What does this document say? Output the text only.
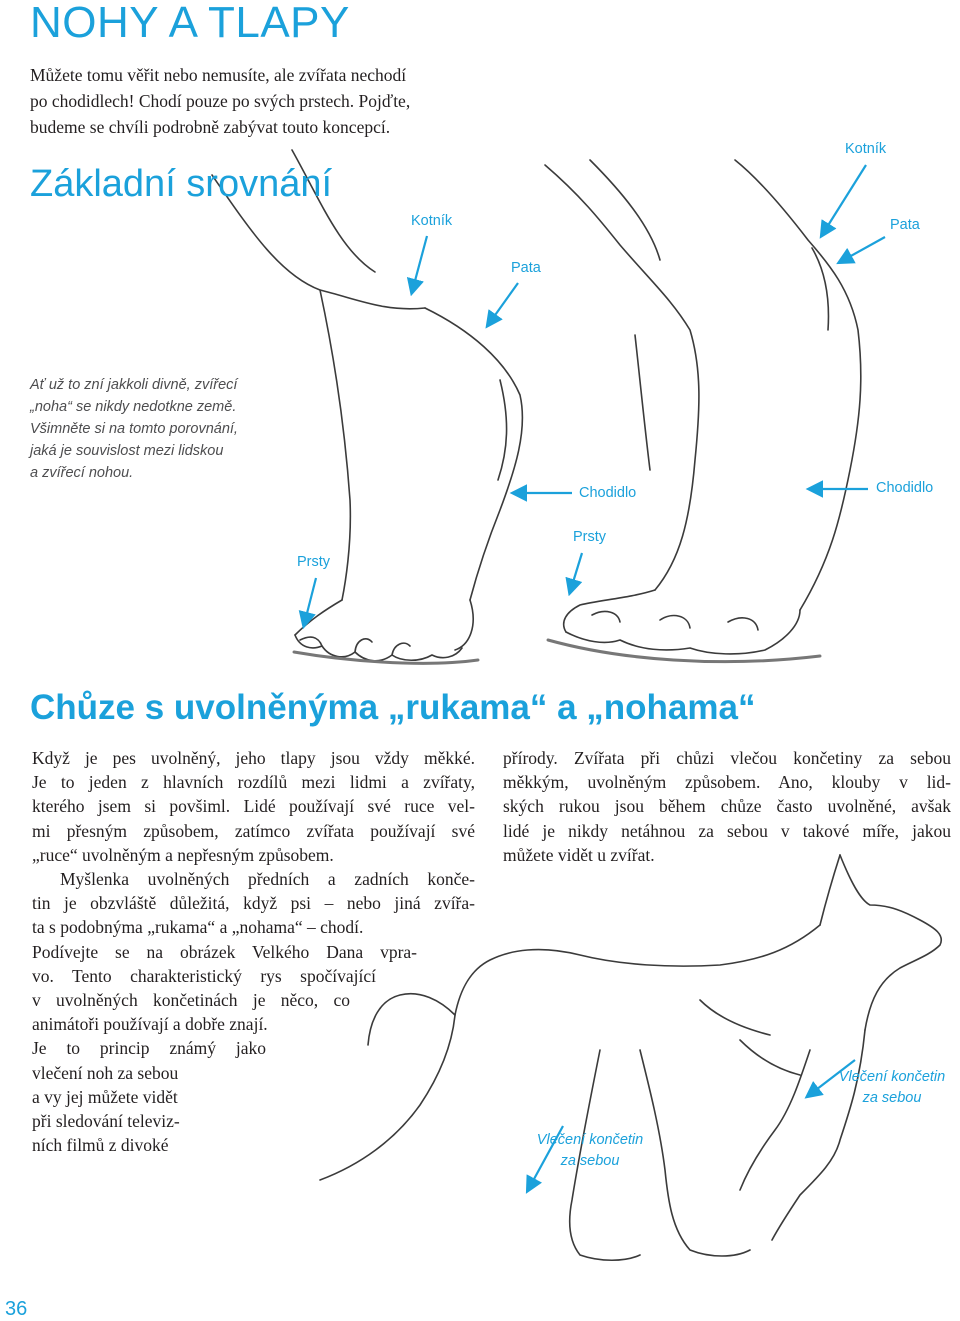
NOHY A TLAPY
Můžete tomu věřit nebo nemusíte, ale zvířata nechodí
po chodidlech! Chodí pouze po svých prstech. Pojďte,
budeme se chvíli podrobně zabývat touto koncepcí.
Základní srovnání
Ať už to zní jakkoli divně, zvířecí
„noha“ se nikdy nedotkne země.
Všimněte si na tomto porovnání,
jaká je souvislost mezi lidskou
a zvířecí nohou.
Kotník
Kotník
Pata
Pata
Chodidlo	Chodidlo
Prsty
Prsty
Chůze s uvolněnýma „rukama“ a „nohama“
Když je pes uvolněný, jeho tlapy jsou vždy měkké.
Je to jeden z hlavních rozdílů mezi lidmi a zvířaty,
kterého jsem si povšiml. Lidé používají své ruce vel-
mi přesným způsobem, zatímco zvířata používají své
„ruce“ uvolněným a nepřesným způsobem.
Myšlenka uvolněných předních a zadních konče-
tin je obzvláště důležitá, když psi – nebo jiná zvířa-
ta s podobnýma „rukama“ a „nohama“ – chodí.
Podívejte se na obrázek Velkého Dana vpra-
vo. Tento charakteristický rys spočívající
v uvolněných končetinách je něco, co
animátoři používají a dobře znají.
Je to princip známý jako
vlečení noh za sebou
a vy jej můžete vidět
při sledování televiz-
ních filmů z divoké
přírody. Zvířata při chůzi vlečou končetiny za sebou
měkkým, uvolněným způsobem. Ano, klouby v lid-
ských rukou jsou během chůze často uvolněné, avšak
lidé je nikdy netáhnou za sebou v takové míře, jakou
můžete vidět u zvířat.
Vlečení končetin
za sebou
Vlečení končetin
za sebou
36
